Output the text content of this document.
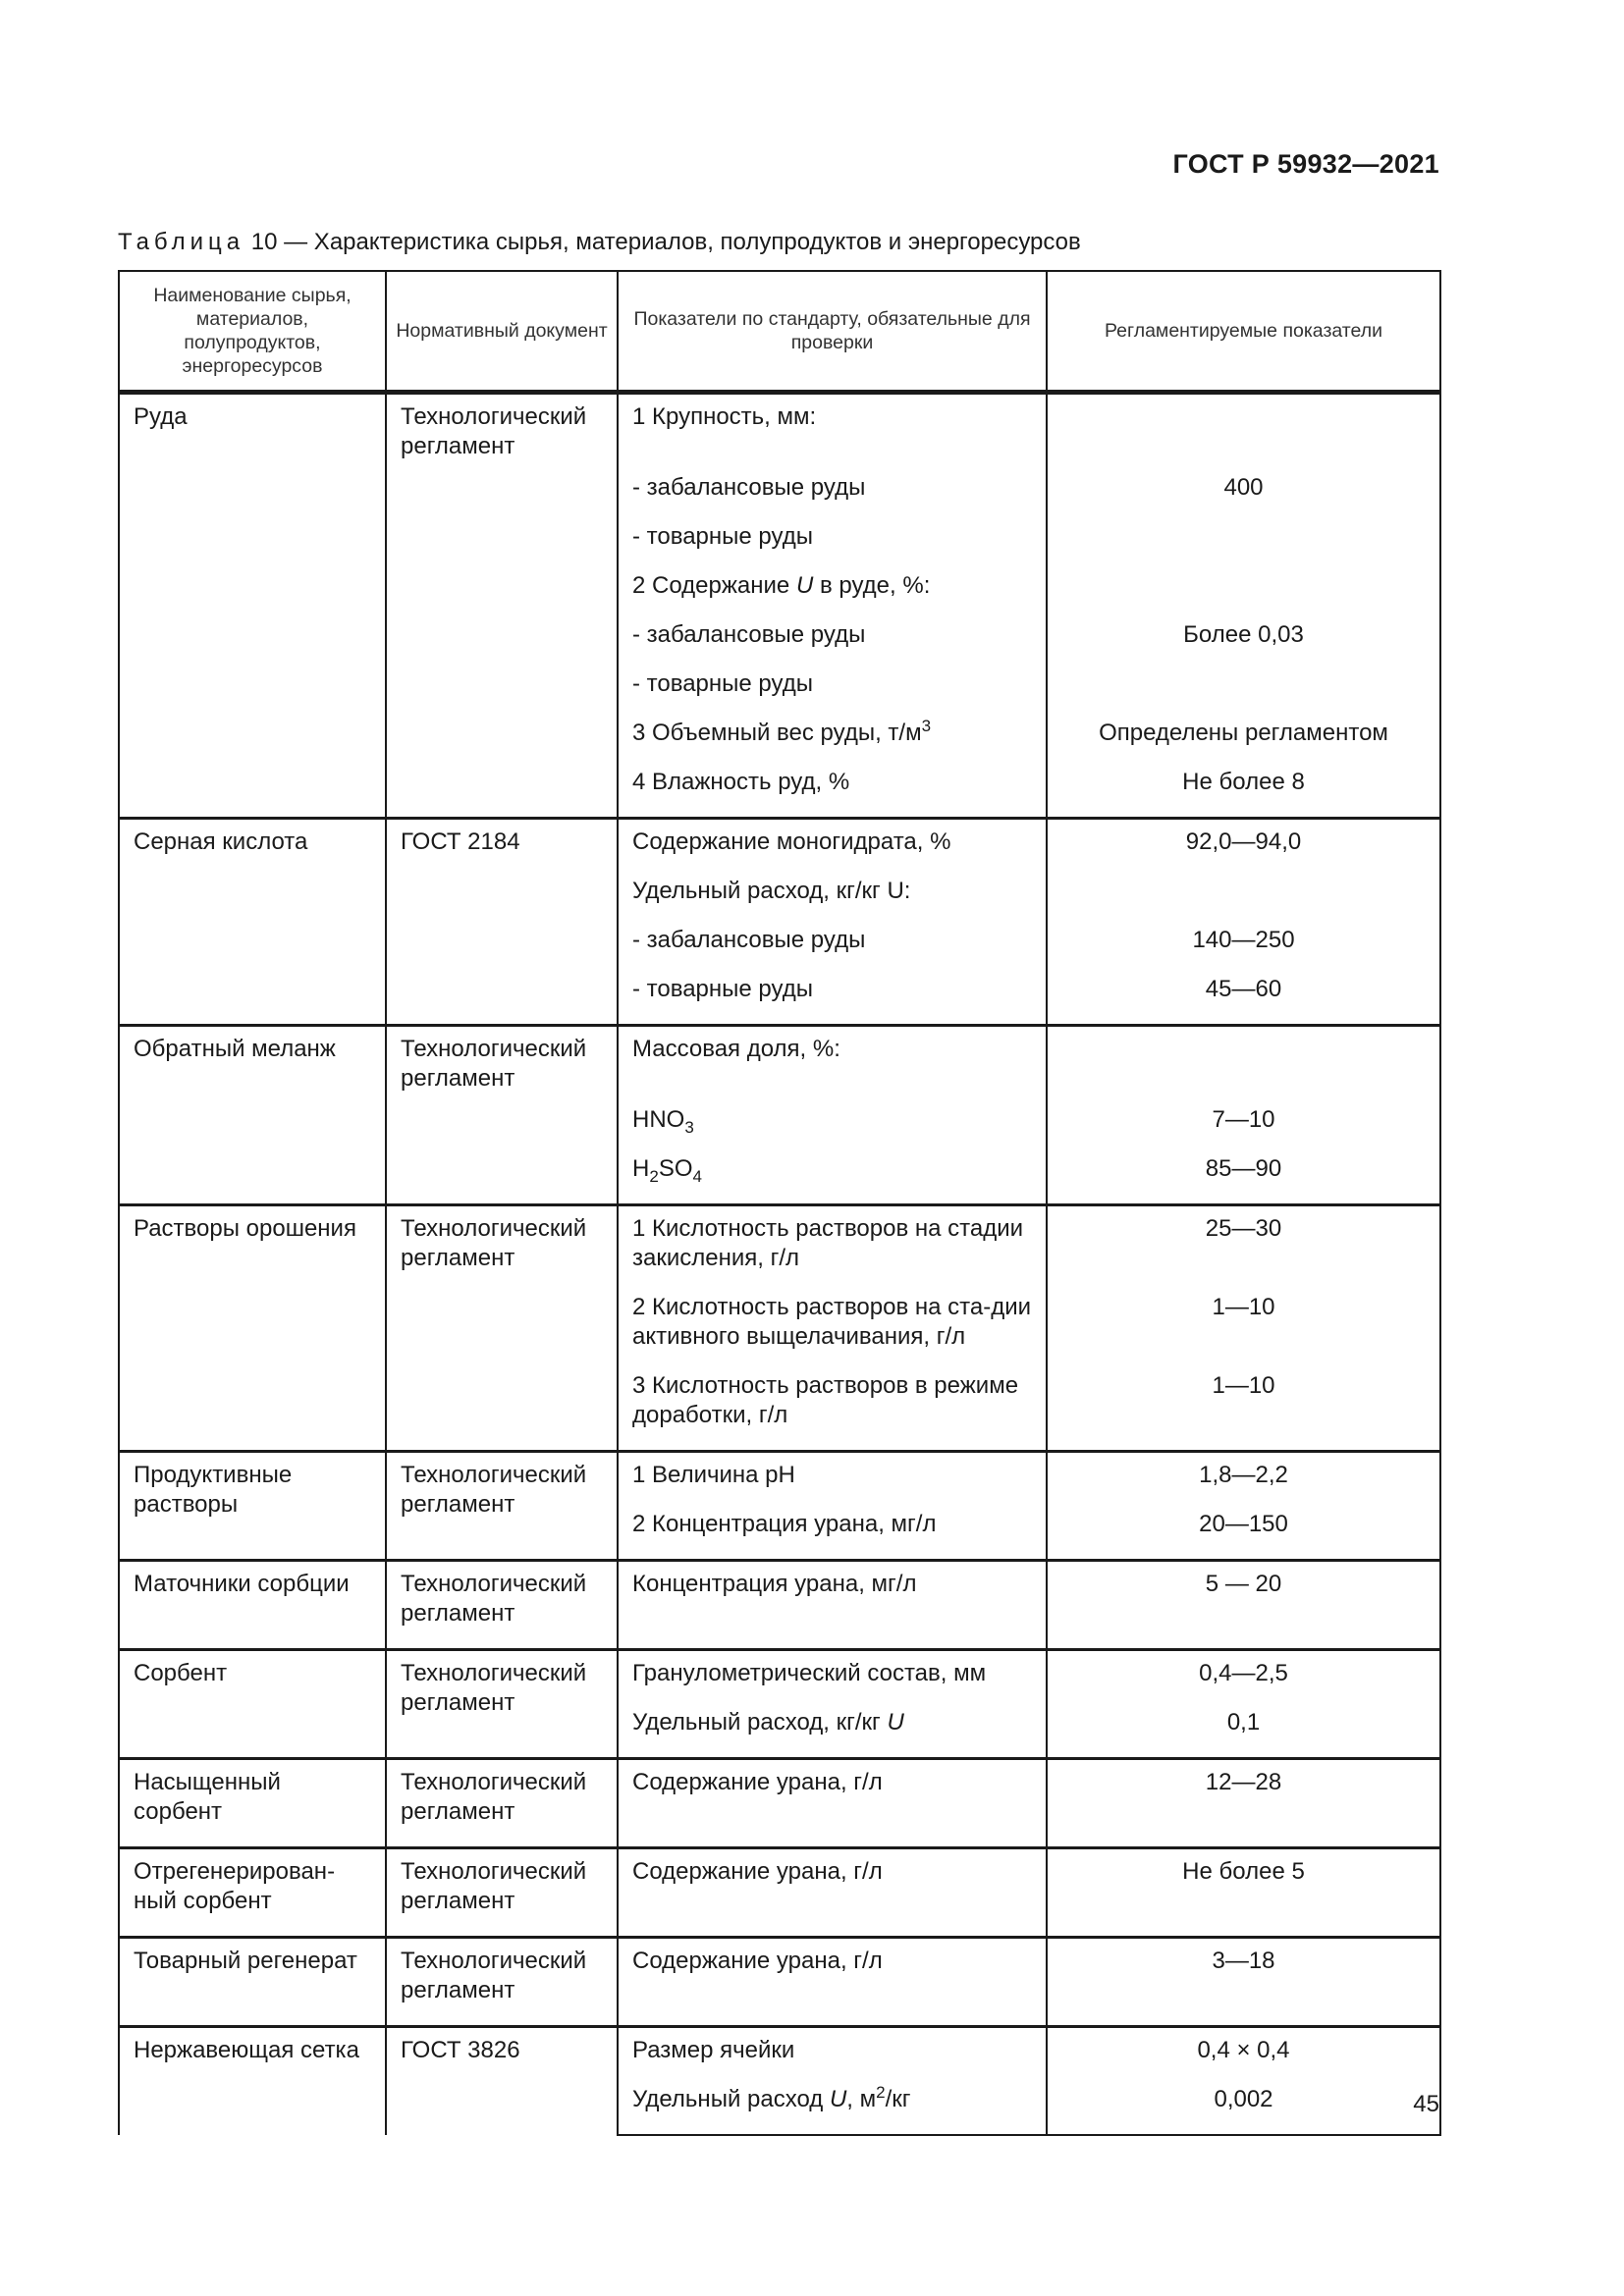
ГОСТ Р 59932—2021
Таблица 10 — Характеристика сырья, материалов, полупродуктов и энергоресурсов
Наименование сырья, материалов, полупродуктов, энергоресурсов	Нормативный документ	Показатели по стандарту, обязательные для проверки	Регламентируемые показатели
Руда	Технологический регламент	1 Крупность, мм:	
		- забалансовые руды	400
		- товарные руды	
		2 Содержание U в руде, %:	
		- забалансовые руды	Более 0,03
		- товарные руды	
		3 Объемный вес руды, $т/м^3$	Определены регламентом
		4 Влажность руд, %	Не более 8
Серная кислота	ГОСТ 2184	Содержание моногидрата, %	92,0—94,0
		Удельный расход, кг/кг U:	
		- забалансовые руды	140—250
		- товарные руды	45—60
Обратный меланж	Технологический регламент	Массовая доля, %:	
		$HNO_3$	7—10
		$H_2SO_4$	85—90
Растворы орошения	Технологический регламент	1 Кислотность растворов на стадии закисления, г/л	25—30
		2 Кислотность растворов на ста-дии активного выщелачивания, г/л	1—10
		3 Кислотность растворов в режиме доработки, г/л	1—10
Продуктивные растворы	Технологический регламент	1 Величина рН	1,8—2,2
		2 Концентрация урана, мг/л	20—150
Маточники сорбции	Технологический регламент	Концентрация урана, мг/л	5 — 20
Сорбент	Технологический регламент	Гранулометрический состав, мм	0,4—2,5
		Удельный расход, кг/кг U	0,1
Насыщенный сорбент	Технологический регламент	Содержание урана, г/л	12—28
Отрегенерирован-ный сорбент	Технологический регламент	Содержание урана, г/л	Не более 5
Товарный регенерат	Технологический регламент	Содержание урана, г/л	3—18
Нержавеющая сетка	ГОСТ 3826	Размер ячейки	0,4 × 0,4
		Удельный расход U, $м^2/кг$	0,002	45
